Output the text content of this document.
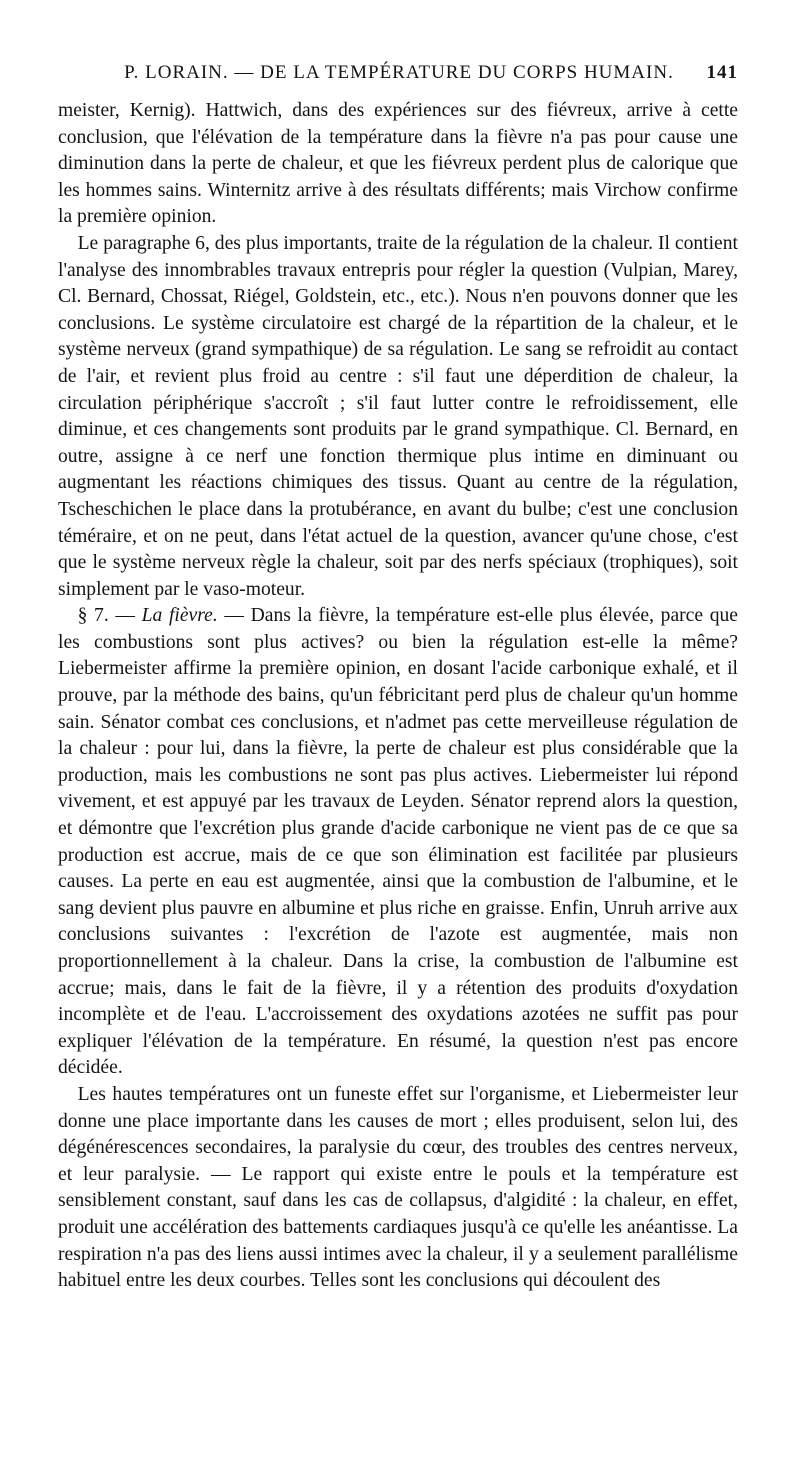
P. LORAIN. — DE LA TEMPÉRATURE DU CORPS HUMAIN.	141

meister, Kernig). Hattwich, dans des expériences sur des fiévreux, arrive à cette conclusion, que l'élévation de la température dans la fièvre n'a pas pour cause une diminution dans la perte de chaleur, et que les fiévreux perdent plus de calorique que les hommes sains. Winternitz arrive à des résultats différents; mais Virchow confirme la première opinion.

Le paragraphe 6, des plus importants, traite de la régulation de la chaleur. Il contient l'analyse des innombrables travaux entrepris pour régler la question (Vulpian, Marey, Cl. Bernard, Chossat, Riégel, Goldstein, etc., etc.). Nous n'en pouvons donner que les conclusions. Le système circulatoire est chargé de la répartition de la chaleur, et le système nerveux (grand sympathique) de sa régulation. Le sang se refroidit au contact de l'air, et revient plus froid au centre : s'il faut une déperdition de chaleur, la circulation périphérique s'accroît ; s'il faut lutter contre le refroidissement, elle diminue, et ces changements sont produits par le grand sympathique. Cl. Bernard, en outre, assigne à ce nerf une fonction thermique plus intime en diminuant ou augmentant les réactions chimiques des tissus. Quant au centre de la régulation, Tscheschichen le place dans la protubérance, en avant du bulbe; c'est une conclusion téméraire, et on ne peut, dans l'état actuel de la question, avancer qu'une chose, c'est que le système nerveux règle la chaleur, soit par des nerfs spéciaux (trophiques), soit simplement par le vaso-moteur.

§ 7. — La fièvre. — Dans la fièvre, la température est-elle plus élevée, parce que les combustions sont plus actives? ou bien la régulation est-elle la même? Liebermeister affirme la première opinion, en dosant l'acide carbonique exhalé, et il prouve, par la méthode des bains, qu'un fébricitant perd plus de chaleur qu'un homme sain. Sénator combat ces conclusions, et n'admet pas cette merveilleuse régulation de la chaleur : pour lui, dans la fièvre, la perte de chaleur est plus considérable que la production, mais les combustions ne sont pas plus actives. Liebermeister lui répond vivement, et est appuyé par les travaux de Leyden. Sénator reprend alors la question, et démontre que l'excrétion plus grande d'acide carbonique ne vient pas de ce que sa production est accrue, mais de ce que son élimination est facilitée par plusieurs causes. La perte en eau est augmentée, ainsi que la combustion de l'albumine, et le sang devient plus pauvre en albumine et plus riche en graisse. Enfin, Unruh arrive aux conclusions suivantes : l'excrétion de l'azote est augmentée, mais non proportionnellement à la chaleur. Dans la crise, la combustion de l'albumine est accrue; mais, dans le fait de la fièvre, il y a rétention des produits d'oxydation incomplète et de l'eau. L'accroissement des oxydations azotées ne suffit pas pour expliquer l'élévation de la température. En résumé, la question n'est pas encore décidée.

Les hautes températures ont un funeste effet sur l'organisme, et Liebermeister leur donne une place importante dans les causes de mort ; elles produisent, selon lui, des dégénérescences secondaires, la paralysie du cœur, des troubles des centres nerveux, et leur paralysie. — Le rapport qui existe entre le pouls et la température est sensiblement constant, sauf dans les cas de collapsus, d'algidité : la chaleur, en effet, produit une accélération des battements cardiaques jusqu'à ce qu'elle les anéantisse. La respiration n'a pas des liens aussi intimes avec la chaleur, il y a seulement parallélisme habituel entre les deux courbes. Telles sont les conclusions qui découlent des
